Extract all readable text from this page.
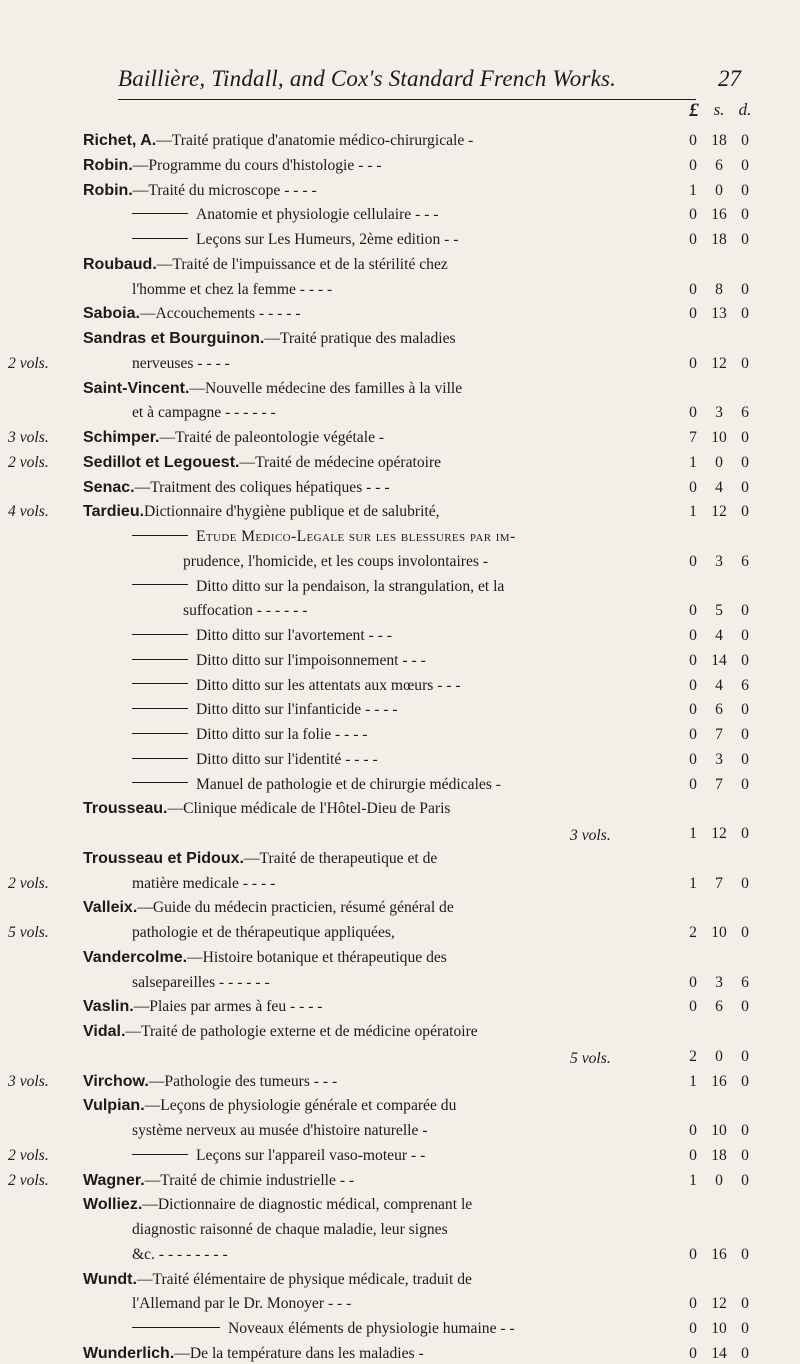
Baillière, Tindall, and Cox's Standard French Works.	27
£ s. d.
Richet, A.—Traité pratique d'anatomie médico-chirurgicale -	0 18 0
Robin.—Programme du cours d'histologie - - -	0	6	0
Robin.—Traité du microscope - - - -	1	0	0
Anatomie et physiologie cellulaire - - -	0 16 0
Leçons sur Les Humeurs, 2ème edition - -	0 18 0
Roubaud.—Traité de l'impuissance et de la stérilité chez
l'homme et chez la femme - - - -	0	8	0
Saboia.—Accouchements - - - - -	0 13 0
Sandras et Bourguinon.—Traité pratique des maladies
2 vols.	nerveuses - - - -	0 12 0
Saint-Vincent.—Nouvelle médecine des familles à la ville
et à campagne - - - - - -	0	3	6
3 vols. Schimper.—Traité de paleontologie végétale -	7 10 0
2 vols. Sedillot et Legouest.—Traité de médecine opératoire	1	0	0
Senac.—Traitment des coliques hépatiques - - -	0	4	0
4 vols. Tardieu.Dictionnaire d'hygiène publique et de salubrité,	1 12 0
Etude Medico-Legale sur les blessures par im-
prudence, l'homicide, et les coups involontaires -	0	3	6
Ditto ditto sur la pendaison, la strangulation, et la
suffocation - - - - - -	0	5	0
Ditto ditto sur l'avortement - - -	0	4	0
Ditto ditto sur l'impoisonnement - - -	0 14 0
Ditto ditto sur les attentats aux mœurs - - -	0	4	6
Ditto ditto sur l'infanticide - - - -	0	6	0
Ditto ditto sur la folie - - - -	0	7	0
Ditto ditto sur l'identité - - - -	0	3	0
Manuel de pathologie et de chirurgie médicales -	0	7	0
Trousseau.—Clinique médicale de l'Hôtel-Dieu de Paris
3 vols.	1 12 0
Trousseau et Pidoux.—Traité de therapeutique et de
2 vols.	matière medicale - - - -	1	7	0
Valleix.—Guide du médecin practicien, résumé général de
5 vols.	pathologie et de thérapeutique appliquées,	2 10 0
Vandercolme.—Histoire botanique et thérapeutique des
salsepareilles - - - - - -	0	3	6
Vaslin.—Plaies par armes à feu - - - -	0	6	0
Vidal.—Traité de pathologie externe et de médicine opératoire
5 vols.	2	0	0
3 vols. Virchow.—Pathologie des tumeurs - - -	1 16 0
Vulpian.—Leçons de physiologie générale et comparée du
système nerveux au musée d'histoire naturelle -	0 10 0
2 vols.	Leçons sur l'appareil vaso-moteur - -	0 18 0
2 vols. Wagner.—Traité de chimie industrielle - -	1	0	0
Wolliez.—Dictionnaire de diagnostic médical, comprenant le
diagnostic raisonné de chaque maladie, leur signes
&c. - - - - - - - -	0 16 0
Wundt.—Traité élémentaire de physique médicale, traduit de
l'Allemand par le Dr. Monoyer - - -	0 12 0
Noveaux éléments de physiologie humaine - -	0 10 0
Wunderlich.—De la température dans les maladies -	0 14 0
